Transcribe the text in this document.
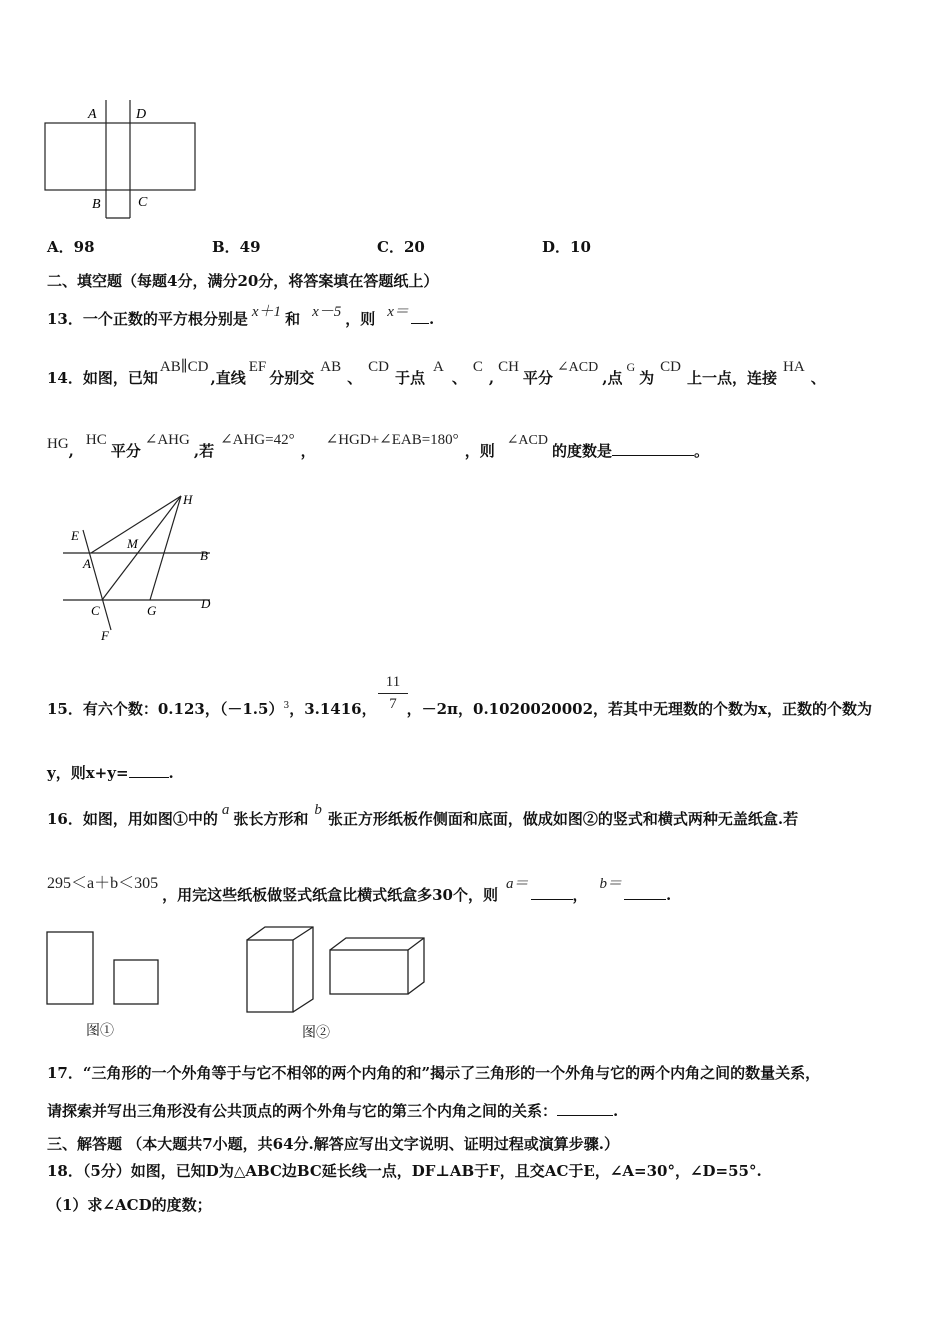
A	D
B	C
A．98	B．49	C．20	D．10
二、填空题（每题4分，满分20分，将答案填在答题纸上）
13．一个正数的平方根分别是 x＋1 和 x－5 ，则 x＝ .
14．如图，已知AB∥CD,直线EF分别交AB、CD于点A、C,CH平分∠ACD,点G为CD上一点，连接HA、
HG,HC平分∠AHG,若∠AHG=42°，∠HGD+∠EAB=180°，则∠ACD的度数是	。
E
A
M
H
B
C	G	D
F
15．有六个数：0.123，$(-1.5)^3$，3.1416， ，－2π，0.1020020002，若其中无理数的个数为x，正数的个数为
$\frac{11}{7}$
y，则x+y=	.
16．如图，用如图①中的 a 张长方形和 b 张正方形纸板作侧面和底面，做成如图②的竖式和横式两种无盖纸盒.若
295＜a＋b＜305，用完这些纸板做竖式纸盒比横式纸盒多30个，则a＝，b＝.
图①	图②
17．“三角形的一个外角等于与它不相邻的两个内角的和”揭示了三角形的一个外角与它的两个内角之间的数量关系，
请探索并写出三角形没有公共顶点的两个外角与它的第三个内角之间的关系：	.
三、解答题 （本大题共7小题，共64分.解答应写出文字说明、证明过程或演算步骤.）
18．（5分）如图，已知D为△ABC边BC延长线一点，DF⊥AB于F，且交AC于E，∠A=30°，∠D=55°.
（1）求∠ACD的度数；
